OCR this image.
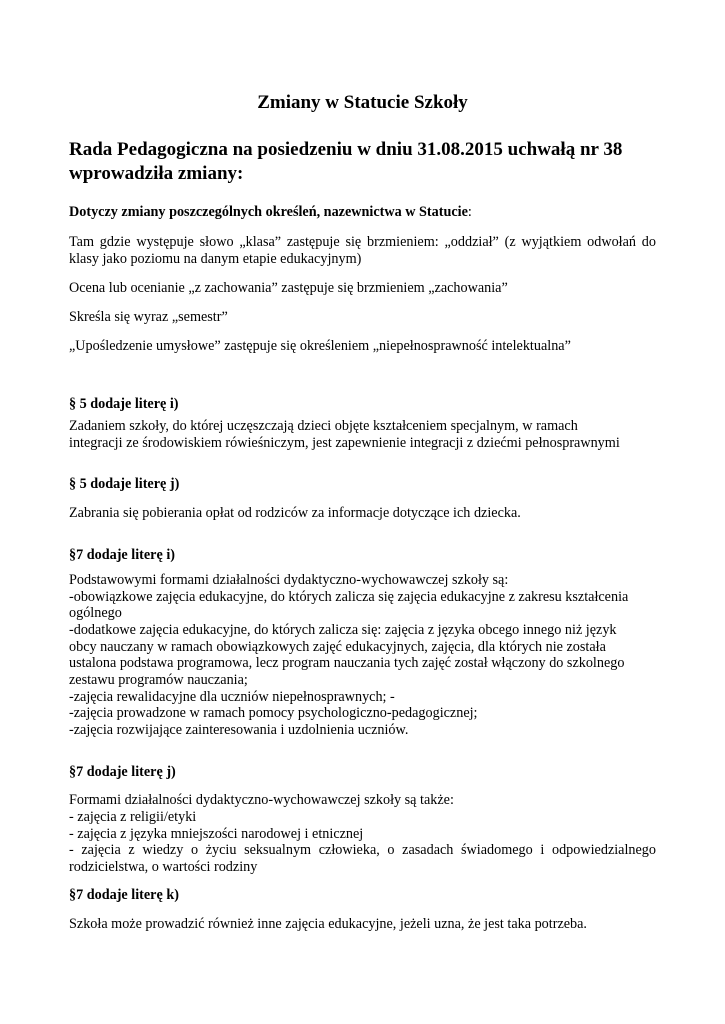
Zmiany w Statucie Szkoły
Rada Pedagogiczna na posiedzeniu w dniu 31.08.2015 uchwałą nr 38
wprowadziła zmiany:

Dotyczy zmiany poszczególnych określeń, nazewnictwa w Statucie:

Tam gdzie występuje słowo „klasa” zastępuje się brzmieniem: „oddział” (z wyjątkiem odwołań do

klasy jako poziomu na danym etapie edukacyjnym)

Ocena lub ocenianie „z zachowania” zastępuje się brzmieniem „zachowania”

Skreśla się wyraz „semestr”

„Upośledzenie umysłowe” zastępuje się określeniem „niepełnosprawność intelektualna”

§ 5 dodaje literę i)

Zadaniem szkoły, do której uczęszczają dzieci objęte kształceniem specjalnym, w ramach

integracji ze środowiskiem rówieśniczym, jest zapewnienie integracji z dziećmi pełnosprawnymi

§ 5 dodaje literę j)

Zabrania się pobierania opłat od rodziców za informacje dotyczące ich dziecka.

§7 dodaje literę i)

Podstawowymi formami działalności dydaktyczno-wychowawczej szkoły są:

-obowiązkowe zajęcia edukacyjne, do których zalicza się zajęcia edukacyjne z zakresu kształcenia

ogólnego

-dodatkowe zajęcia edukacyjne, do których zalicza się: zajęcia z języka obcego innego niż język

obcy nauczany w ramach obowiązkowych zajęć edukacyjnych, zajęcia, dla których nie została

ustalona podstawa programowa, lecz program nauczania tych zajęć został włączony do szkolnego

zestawu programów nauczania;

-zajęcia rewalidacyjne dla uczniów niepełnosprawnych; -

-zajęcia prowadzone w ramach pomocy psychologiczno-pedagogicznej;

-zajęcia rozwijające zainteresowania i uzdolnienia uczniów.

§7 dodaje literę j)

Formami działalności dydaktyczno-wychowawczej szkoły są także:

- zajęcia z religii/etyki

- zajęcia z języka mniejszości narodowej i etnicznej

- zajęcia z wiedzy o życiu seksualnym człowieka, o zasadach świadomego i odpowiedzialnego

rodzicielstwa, o wartości rodziny

§7 dodaje literę k)

Szkoła może prowadzić również inne zajęcia edukacyjne, jeżeli uzna, że jest taka potrzeba.
